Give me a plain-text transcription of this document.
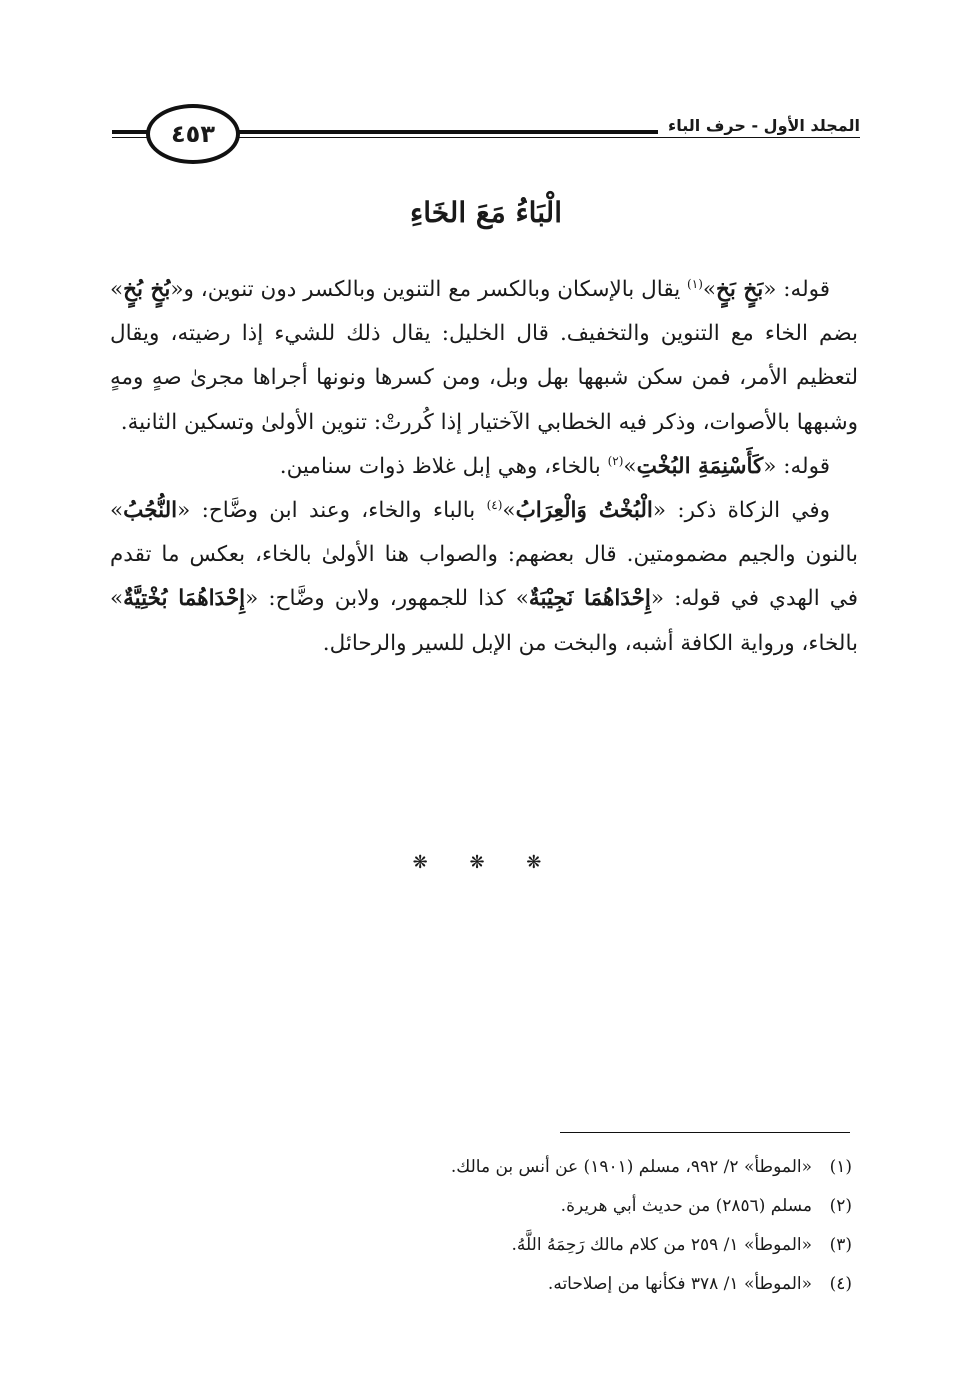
٤٥٣	المجلد الأول - حرف الباء
الْبَاءُ مَعَ الخَاءِ

قوله: «بَخٍ بَخٍ»$^{(١)}$ يقال بالإسكان وبالكسر مع التنوين وبالكسر دون تنوين، و«بُخٍ بُخٍ» بضم الخاء مع التنوين والتخفيف. قال الخليل: يقال ذلك للشيء إذا رضيته، ويقال لتعظيم الأمر، فمن سكن شبهها بهل وبل، ومن كسرها ونونها أجراها مجرىٰ صهٍ ومهٍ وشبهها بالأصوات، وذكر فيه الخطابي الآختيار إذا كُررتْ: تنوين الأولىٰ وتسكين الثانية.

قوله: «كَأَسْنِمَةِ البُخْتِ»$^{(٢)}$ بالخاء، وهي إبل غلاظ ذوات سنامين.

وفي الزكاة ذكر: «الْبُخْتُ وَالْعِرَابُ»$^{(٤)}$ بالباء والخاء، وعند ابن وضَّاح: «النُّجُبُ» بالنون والجيم مضمومتين. قال بعضهم: والصواب هنا الأولىٰ بالخاء، بعكس ما تقدم في الهدي في قوله: «إِحْدَاهُمَا نَجِيْبَةٌ» كذا للجمهور، ولابن وضَّاح: «إِحْدَاهُمَا بُخْتِيَّةٌ» بالخاء، ورواية الكافة أشبه، والبخت من الإبل للسير والرحائل.

❋ ❋ ❋
(١)«الموطأ» ٢/ ٩٩٢، مسلم (١٩٠١) عن أنس بن مالك.
(٢)مسلم (٢٨٥٦) من حديث أبي هريرة.
(٣)«الموطأ» ١/ ٢٥٩ من كلام مالك رَحِمَهُ اللَّهُ.
(٤)«الموطأ» ١/ ٣٧٨ فكأنها من إصلاحاته.
